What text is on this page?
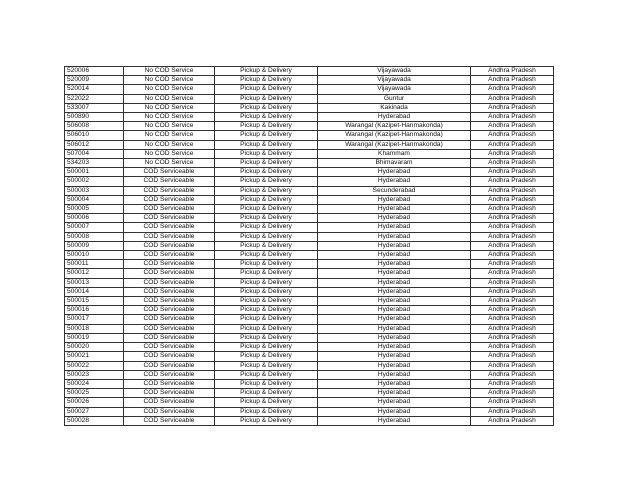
520006	No COD Service	Pickup & Delivery	Vijayawada	Andhra Pradesh
520009	No COD Service	Pickup & Delivery	Vijayawada	Andhra Pradesh
520014	No COD Service	Pickup & Delivery	Vijayawada	Andhra Pradesh
522022	No COD Service	Pickup & Delivery	Guntur	Andhra Pradesh
533007	No COD Service	Pickup & Delivery	Kakinada	Andhra Pradesh
500890	No COD Service	Pickup & Delivery	Hyderabad	Andhra Pradesh
506008	No COD Service	Pickup & Delivery	Warangal (Kazipet-Hanmakonda)	Andhra Pradesh
506010	No COD Service	Pickup & Delivery	Warangal (Kazipet-Hanmakonda)	Andhra Pradesh
506012	No COD Service	Pickup & Delivery	Warangal (Kazipet-Hanmakonda)	Andhra Pradesh
507004	No COD Service	Pickup & Delivery	Khammam	Andhra Pradesh
534203	No COD Service	Pickup & Delivery	Bhimavaram	Andhra Pradesh
500001	COD Serviceable	Pickup & Delivery	Hyderabad	Andhra Pradesh
500002	COD Serviceable	Pickup & Delivery	Hyderabad	Andhra Pradesh
500003	COD Serviceable	Pickup & Delivery	Secunderabad	Andhra Pradesh
500004	COD Serviceable	Pickup & Delivery	Hyderabad	Andhra Pradesh
500005	COD Serviceable	Pickup & Delivery	Hyderabad	Andhra Pradesh
500006	COD Serviceable	Pickup & Delivery	Hyderabad	Andhra Pradesh
500007	COD Serviceable	Pickup & Delivery	Hyderabad	Andhra Pradesh
500008	COD Serviceable	Pickup & Delivery	Hyderabad	Andhra Pradesh
500009	COD Serviceable	Pickup & Delivery	Hyderabad	Andhra Pradesh
500010	COD Serviceable	Pickup & Delivery	Hyderabad	Andhra Pradesh
500011	COD Serviceable	Pickup & Delivery	Hyderabad	Andhra Pradesh
500012	COD Serviceable	Pickup & Delivery	Hyderabad	Andhra Pradesh
500013	COD Serviceable	Pickup & Delivery	Hyderabad	Andhra Pradesh
500014	COD Serviceable	Pickup & Delivery	Hyderabad	Andhra Pradesh
500015	COD Serviceable	Pickup & Delivery	Hyderabad	Andhra Pradesh
500016	COD Serviceable	Pickup & Delivery	Hyderabad	Andhra Pradesh
500017	COD Serviceable	Pickup & Delivery	Hyderabad	Andhra Pradesh
500018	COD Serviceable	Pickup & Delivery	Hyderabad	Andhra Pradesh
500019	COD Serviceable	Pickup & Delivery	Hyderabad	Andhra Pradesh
500020	COD Serviceable	Pickup & Delivery	Hyderabad	Andhra Pradesh
500021	COD Serviceable	Pickup & Delivery	Hyderabad	Andhra Pradesh
500022	COD Serviceable	Pickup & Delivery	Hyderabad	Andhra Pradesh
500023	COD Serviceable	Pickup & Delivery	Hyderabad	Andhra Pradesh
500024	COD Serviceable	Pickup & Delivery	Hyderabad	Andhra Pradesh
500025	COD Serviceable	Pickup & Delivery	Hyderabad	Andhra Pradesh
500026	COD Serviceable	Pickup & Delivery	Hyderabad	Andhra Pradesh
500027	COD Serviceable	Pickup & Delivery	Hyderabad	Andhra Pradesh
500028	COD Serviceable	Pickup & Delivery	Hyderabad	Andhra Pradesh
